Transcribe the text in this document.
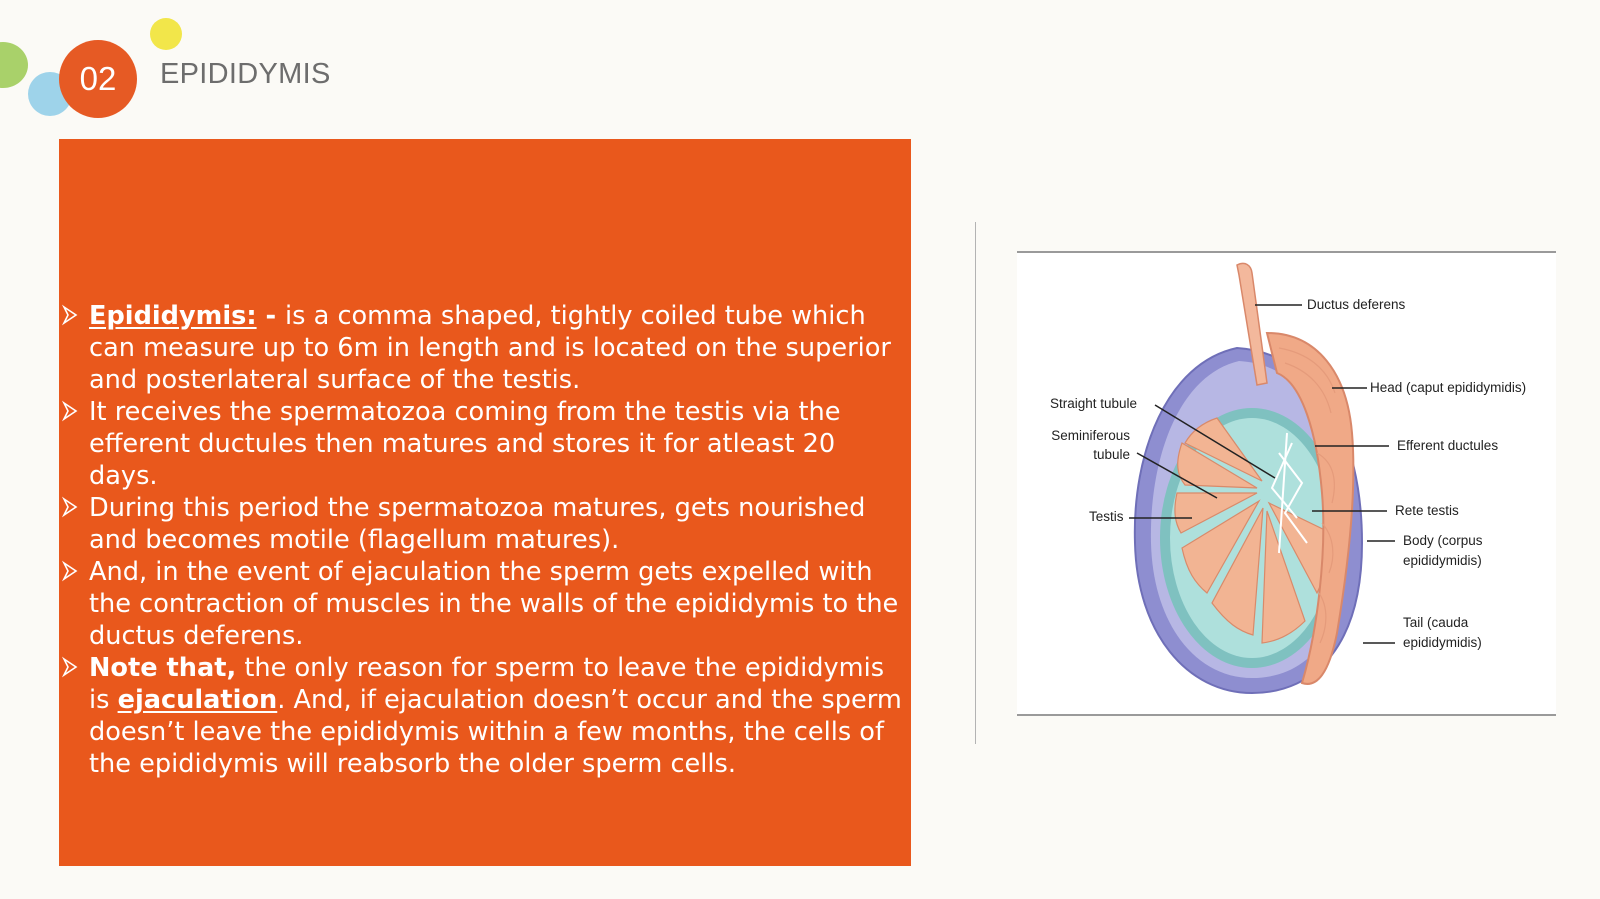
02	EPIDIDYMIS
Epididymis: - is a comma shaped, tightly coiled tube which can measure up to 6m in length and is located on the superior and posterlateral surface of the testis.
It receives the spermatozoa coming from the testis via the efferent ductules then matures and stores it for atleast 20 days.
During this period the spermatozoa matures, gets nourished and becomes motile (flagellum matures).
And, in the event of ejaculation the sperm gets expelled with the contraction of muscles in the walls of the epididymis to the ductus deferens.
Note that, the only reason for sperm to leave the epididymis is ejaculation. And, if ejaculation doesn’t occur and the sperm doesn’t leave the epididymis within a few months, the cells of the epididymis will reabsorb the older sperm cells.
Ductus deferens
Head (caput epididymidis)
Straight tubule
Seminiferous
tubule
Efferent ductules
Testis	Rete testis
Body (corpus
epididymidis)
Tail (cauda
epididymidis)
